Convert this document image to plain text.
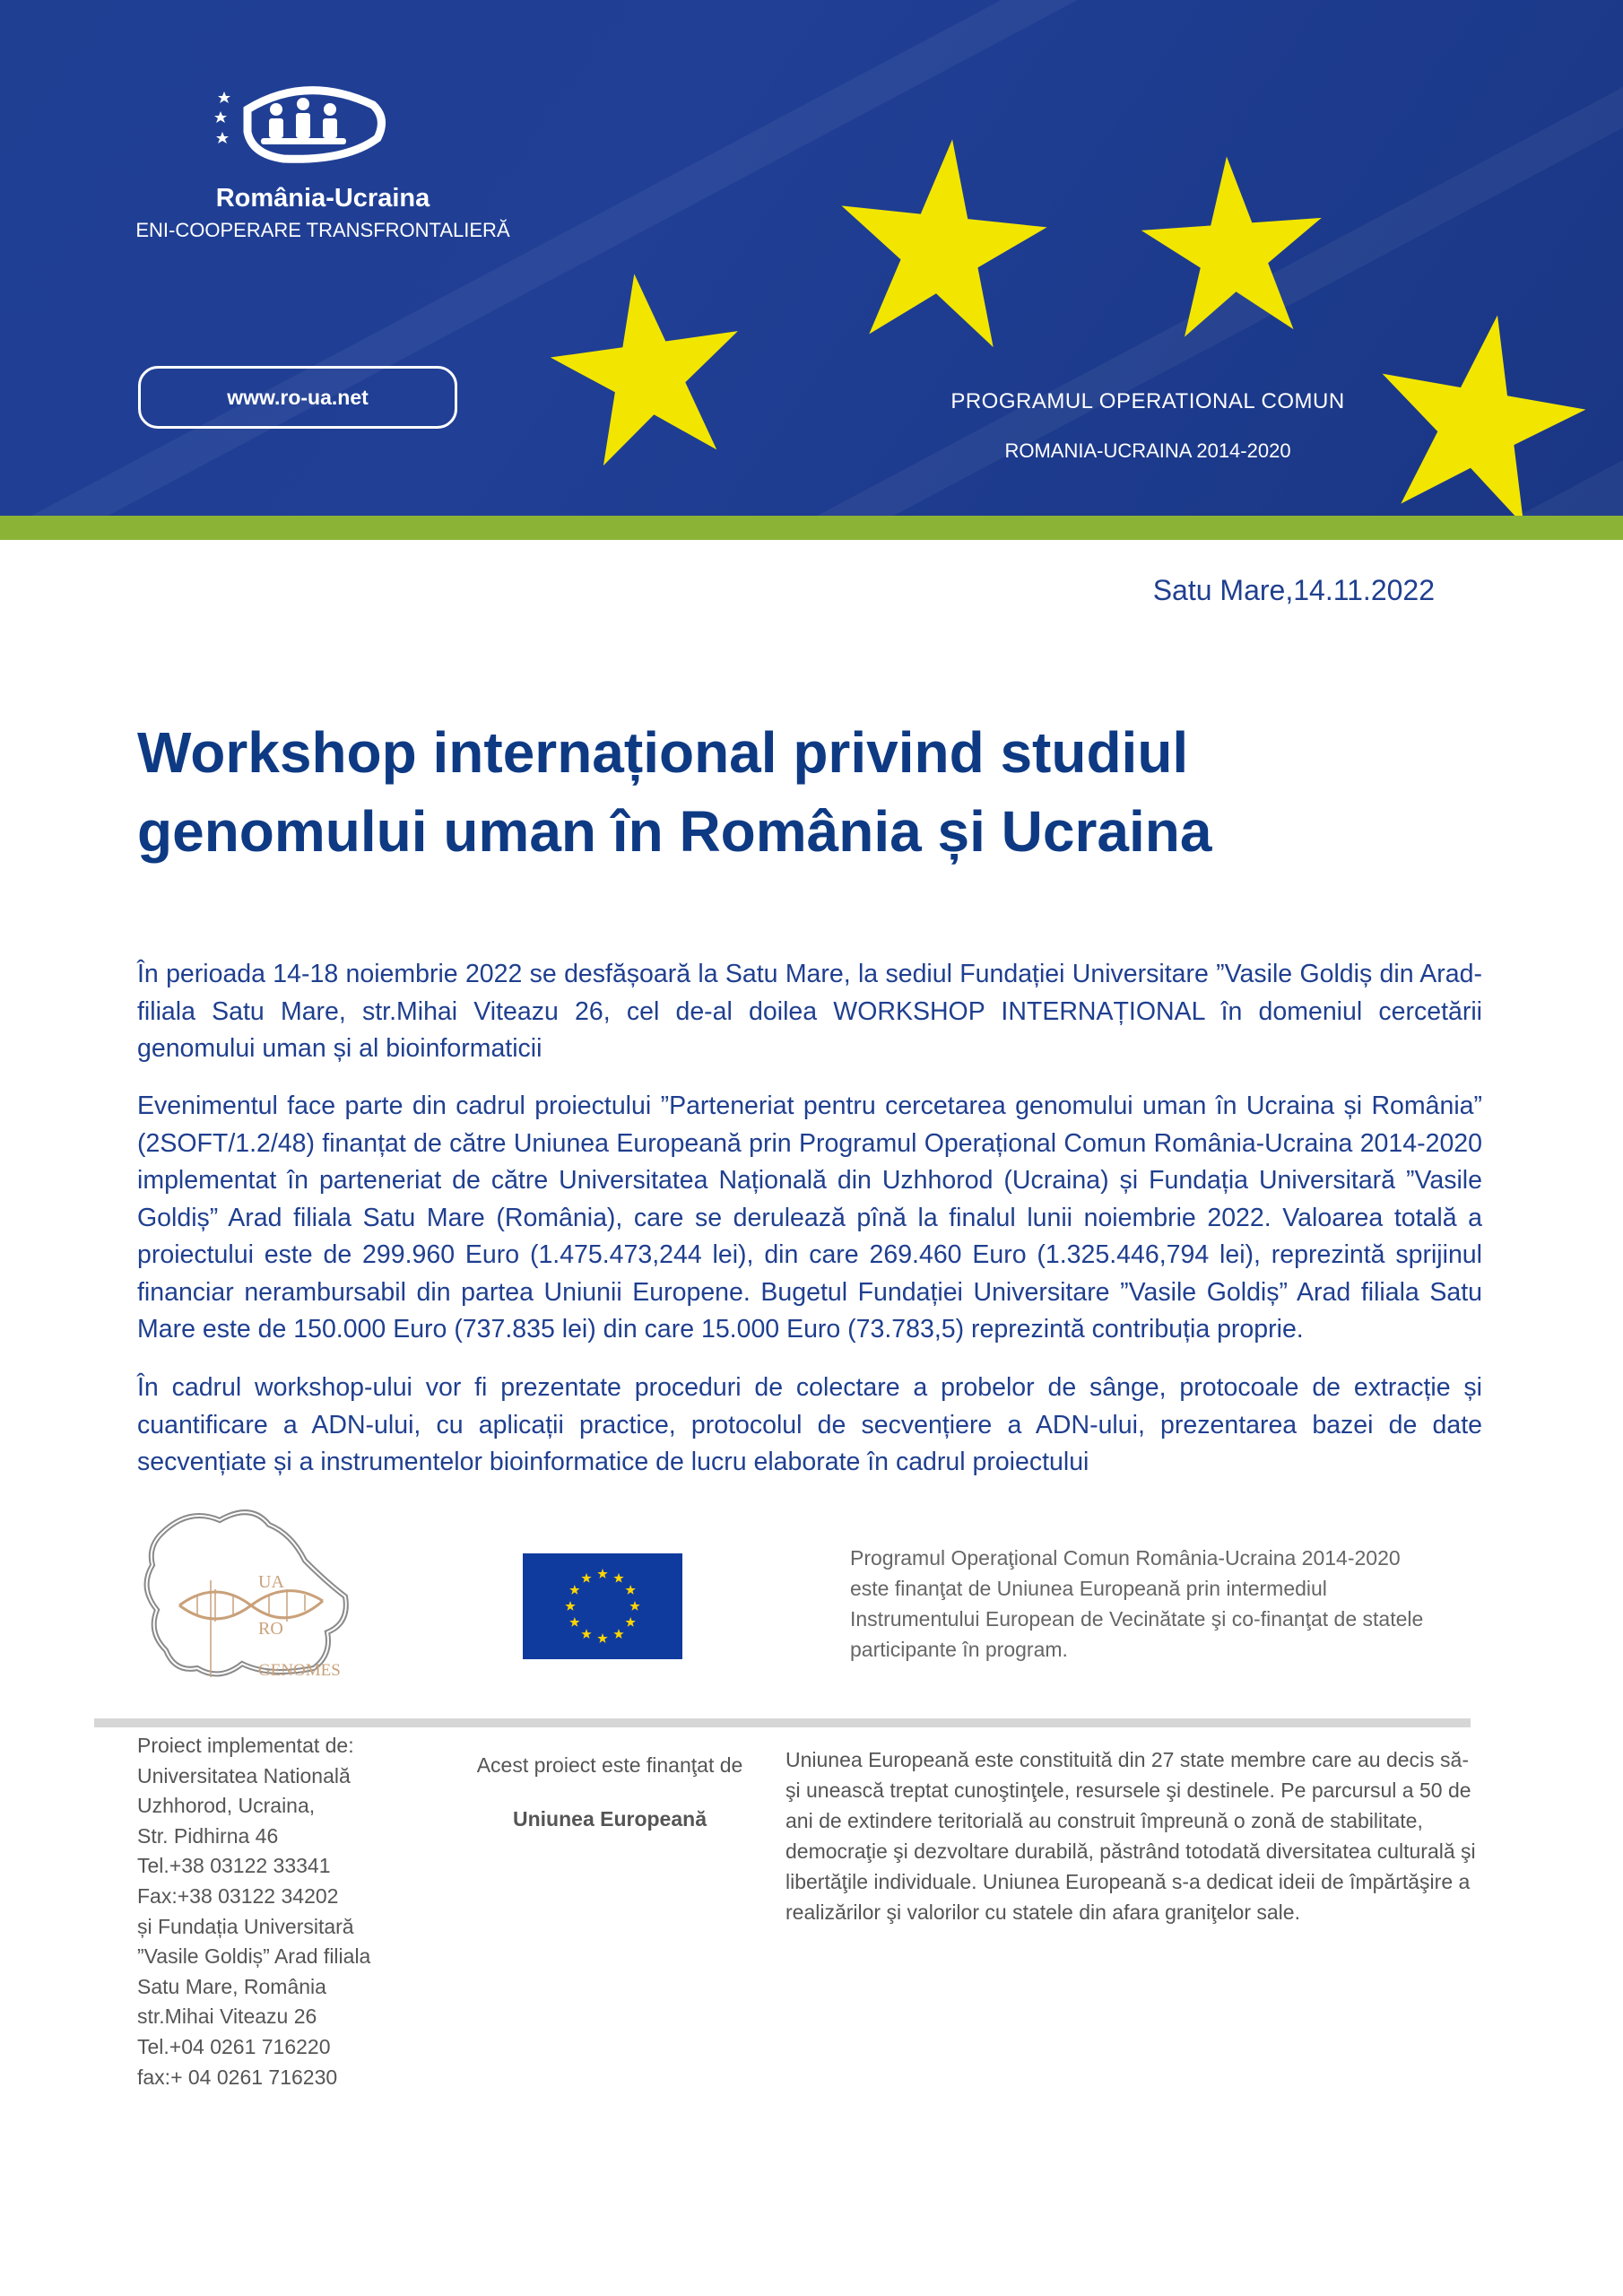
România-Ucraina
ENI-COOPERARE TRANSFRONTALIERĂ
www.ro-ua.net	PROGRAMUL OPERATIONAL COMUN
ROMANIA-UCRAINA 2014-2020
Satu Mare,14.11.2022
Workshop internațional privind studiul genomului uman în România și Ucraina

În perioada 14-18 noiembrie 2022 se desfășoară la Satu Mare, la sediul Fundației Universitare ”Vasile Goldiș din Arad-filiala Satu Mare, str.Mihai Viteazu 26, cel de-al doilea WORKSHOP INTERNAȚIONAL în domeniul cercetării genomului uman și al bioinformaticii

Evenimentul face parte din cadrul proiectului ”Parteneriat pentru cercetarea genomului uman în Ucraina și România” (2SOFT/1.2/48) finanțat de către Uniunea Europeană prin Programul Operațional Comun România-Ucraina 2014-2020 implementat în parteneriat de către Universitatea Națională din Uzhhorod (Ucraina) și Fundația Universitară ”Vasile Goldiș” Arad filiala Satu Mare (România), care se derulează pînă la finalul lunii noiembrie 2022. Valoarea totală a proiectului este de 299.960 Euro (1.475.473,244 lei), din care 269.460 Euro (1.325.446,794 lei), reprezintă sprijinul financiar nerambursabil din partea Uniunii Europene. Bugetul Fundației Universitare ”Vasile Goldiș” Arad filiala Satu Mare este de 150.000 Euro (737.835 lei) din care 15.000 Euro (73.783,5) reprezintă contribuția proprie.

În cadrul workshop-ului vor fi prezentate proceduri de colectare a probelor de sânge, protocoale de extracție și cuantificare a ADN-ului, cu aplicații practice, protocolul de secvențiere a ADN-ului, prezentarea bazei de date secvențiate și a instrumentelor bioinformatice de lucru elaborate în cadrul proiectului

UA
RO
GENOMES
Programul Operaţional Comun România-Ucraina 2014-2020 este finanţat de Uniunea Europeană prin intermediul Instrumentului European de Vecinătate şi co-finanţat de statele participante în program.
Proiect implementat de:
Universitatea Natională
Uzhhorod, Ucraina,
Str. Pidhirna 46
Tel.+38 03122 33341
Fax:+38 03122 34202
și Fundația Universitară
”Vasile Goldiș” Arad filiala
Satu Mare, România
str.Mihai Viteazu 26
Tel.+04 0261 716220
fax:+ 04 0261 716230
Acest proiect este finanţat de
Uniunea Europeană
Uniunea Europeană este constituită din 27 state membre care au decis să-şi unească treptat cunoştinţele, resursele şi destinele. Pe parcursul a 50 de ani de extindere teritorială au construit împreună o zonă de stabilitate, democraţie şi dezvoltare durabilă, păstrând totodată diversitatea culturală şi libertăţile individuale. Uniunea Europeană s-a dedicat ideii de împărtăşire a realizărilor şi valorilor cu statele din afara graniţelor sale.
